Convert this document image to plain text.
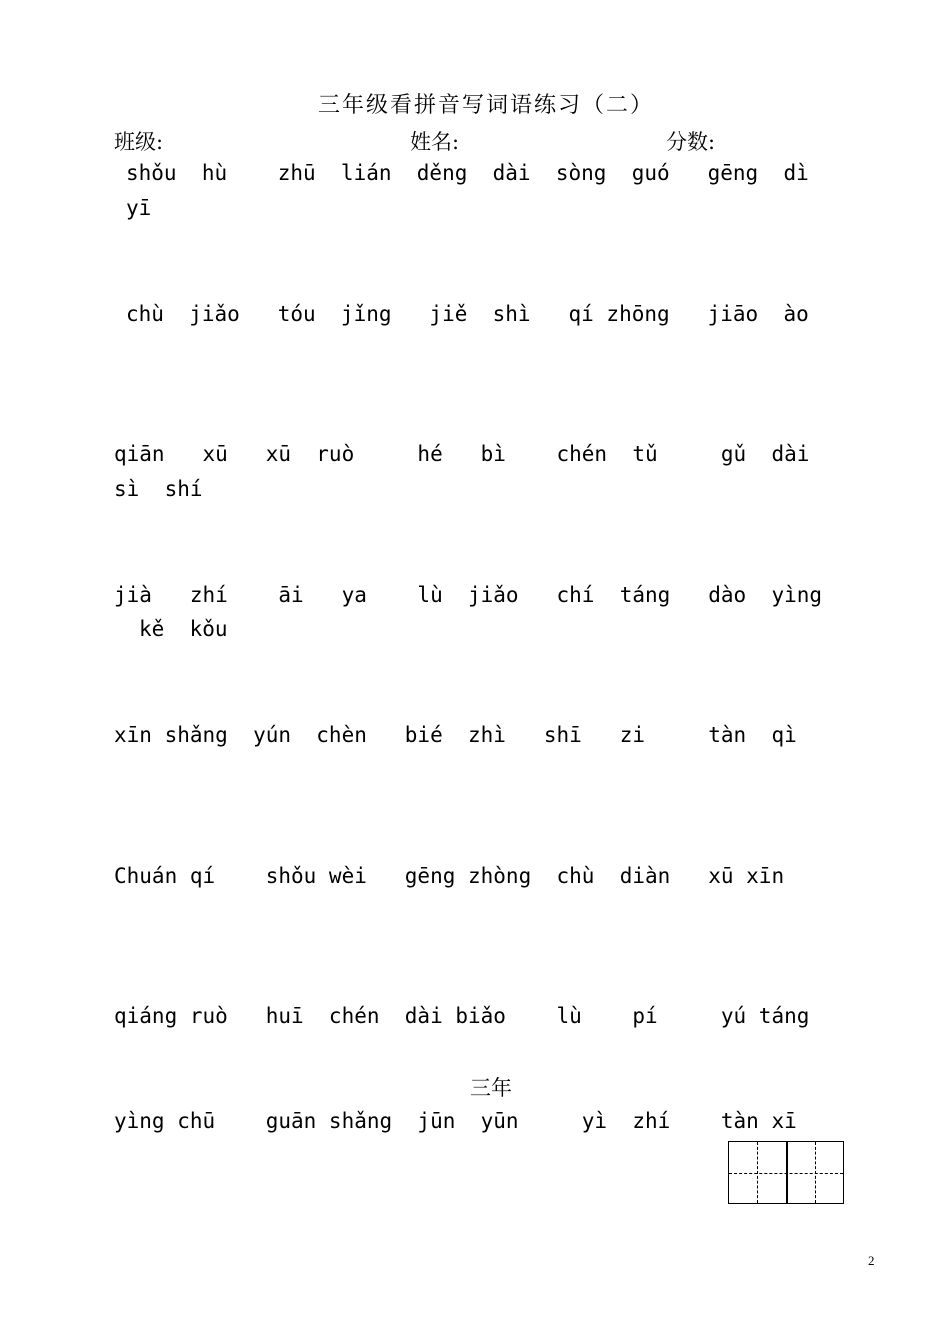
三年级看拼音写词语练习（二）
班级:	姓名:	分数:
shǒu  hù    zhū  lián  děng  dài  sòng  guó   gēng  dì
yī
chù  jiǎo   tóu  jǐng   jiě  shì   qí zhōng   jiāo  ào
qiān   xū   xū  ruò     hé   bì    chén  tǔ     gǔ  dài
sì  shí
jià   zhí    āi   ya    lù  jiǎo   chí  táng   dào  yìng
kě  kǒu
xīn shǎng  yún  chèn   bié  zhì   shī   zi     tàn  qì
Chuán qí    shǒu wèi   gēng zhòng  chù  diàn   xū xīn
qiáng ruò   huī  chén  dài biǎo    lù    pí     yú táng
三年
yìng chū    guān shǎng  jūn  yūn     yì  zhí    tàn xī
2
